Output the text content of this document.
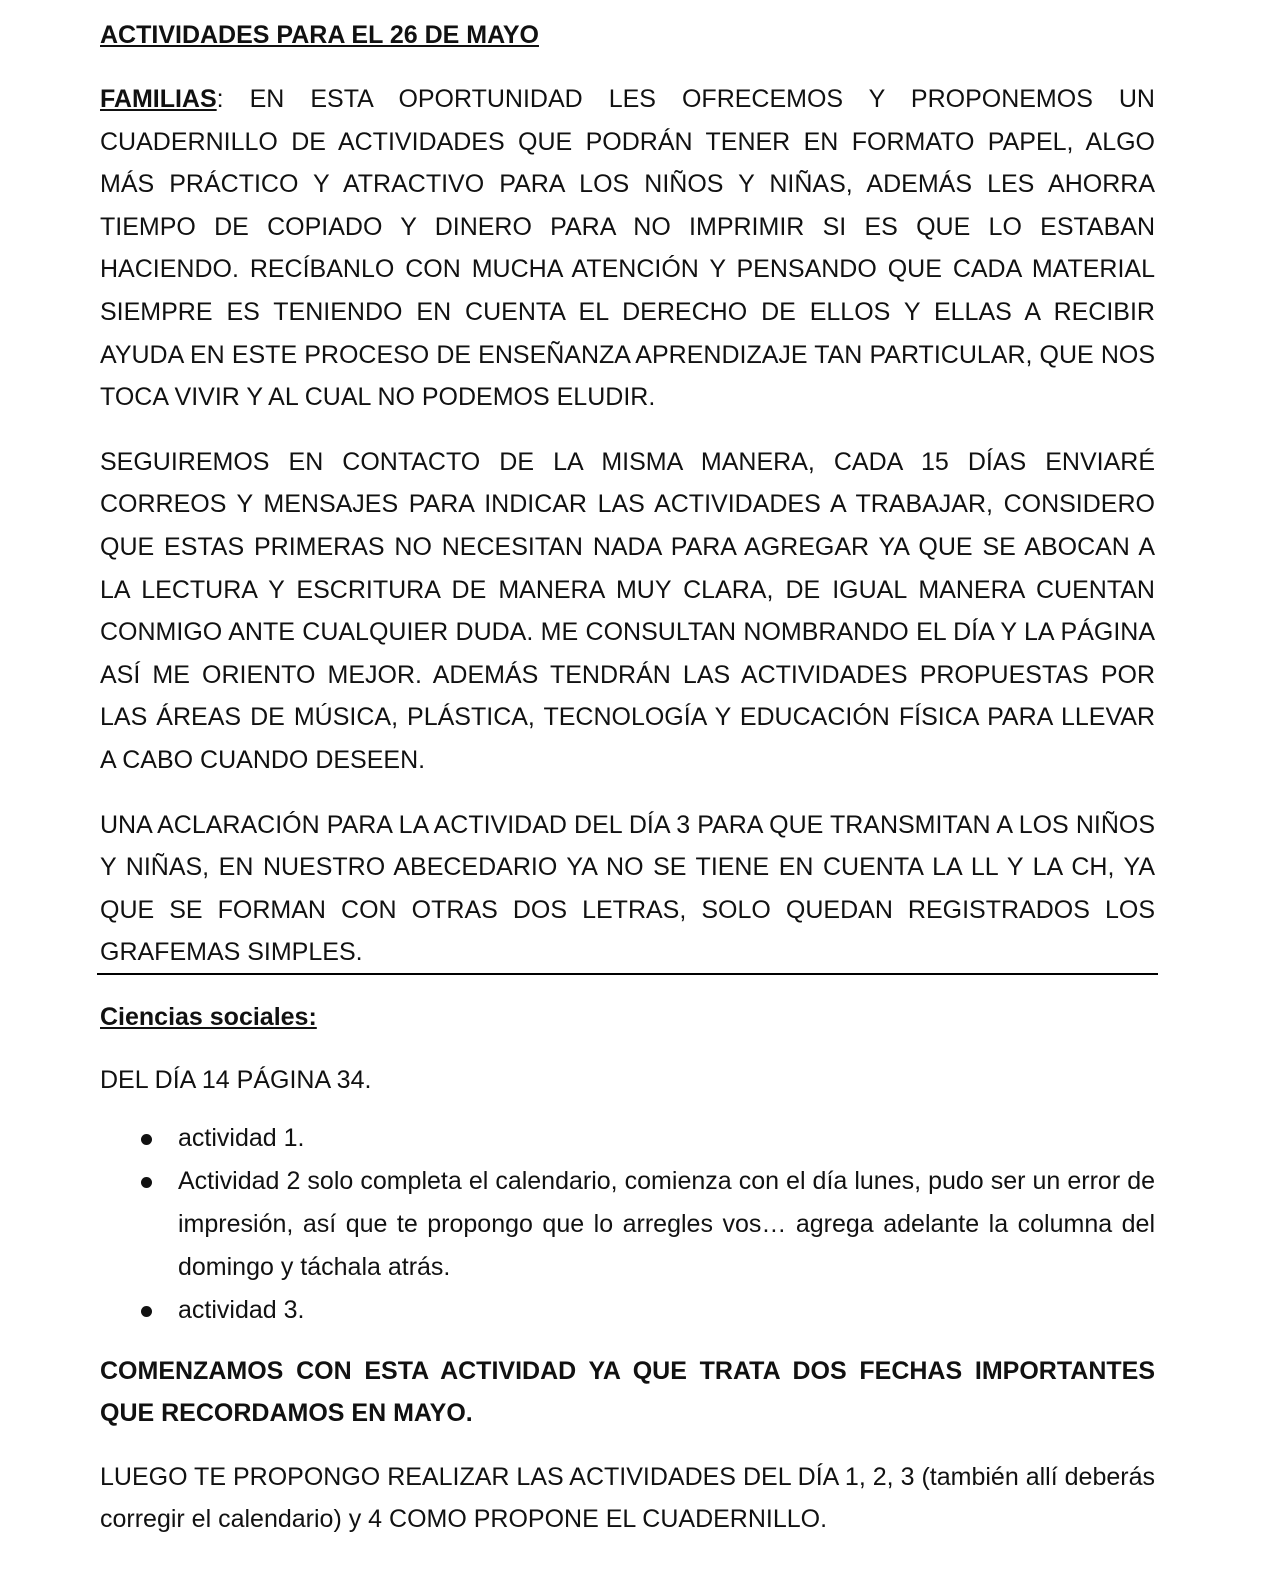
ACTIVIDADES PARA EL 26 DE MAYO

FAMILIAS: EN ESTA OPORTUNIDAD LES OFRECEMOS Y PROPONEMOS UN CUADERNILLO DE ACTIVIDADES QUE PODRÁN TENER EN FORMATO PAPEL, ALGO MÁS PRÁCTICO Y ATRACTIVO PARA LOS NIÑOS Y NIÑAS, ADEMÁS LES AHORRA TIEMPO DE COPIADO Y DINERO PARA NO IMPRIMIR SI ES QUE LO ESTABAN HACIENDO. RECÍBANLO CON MUCHA ATENCIÓN Y PENSANDO QUE CADA MATERIAL SIEMPRE ES TENIENDO EN CUENTA EL DERECHO DE ELLOS Y ELLAS A RECIBIR AYUDA EN ESTE PROCESO DE ENSEÑANZA APRENDIZAJE TAN PARTICULAR, QUE NOS TOCA VIVIR Y AL CUAL NO PODEMOS ELUDIR.

SEGUIREMOS EN CONTACTO DE LA MISMA MANERA, CADA 15 DÍAS ENVIARÉ CORREOS Y MENSAJES PARA INDICAR LAS ACTIVIDADES A TRABAJAR, CONSIDERO QUE ESTAS PRIMERAS NO NECESITAN NADA PARA AGREGAR YA QUE SE ABOCAN A LA LECTURA Y ESCRITURA DE MANERA MUY CLARA, DE IGUAL MANERA CUENTAN CONMIGO ANTE CUALQUIER DUDA. ME CONSULTAN NOMBRANDO EL DÍA Y LA PÁGINA ASÍ ME ORIENTO MEJOR. ADEMÁS TENDRÁN LAS ACTIVIDADES PROPUESTAS POR LAS ÁREAS DE MÚSICA, PLÁSTICA, TECNOLOGÍA Y EDUCACIÓN FÍSICA PARA LLEVAR A CABO CUANDO DESEEN.

UNA ACLARACIÓN PARA LA ACTIVIDAD DEL DÍA 3 PARA QUE TRANSMITAN A LOS NIÑOS Y NIÑAS, EN NUESTRO ABECEDARIO YA NO SE TIENE EN CUENTA LA LL Y LA CH, YA QUE SE FORMAN CON OTRAS DOS LETRAS, SOLO QUEDAN REGISTRADOS LOS GRAFEMAS SIMPLES.

Ciencias sociales:

DEL DÍA 14 PÁGINA 34.

actividad 1.
Actividad 2 solo completa el calendario, comienza con el día lunes, pudo ser un error de impresión, así que te propongo que lo arregles vos… agrega adelante la columna del domingo y táchala atrás.
actividad 3.

COMENZAMOS CON ESTA ACTIVIDAD YA QUE TRATA DOS FECHAS IMPORTANTES QUE RECORDAMOS EN MAYO.

LUEGO TE PROPONGO REALIZAR LAS ACTIVIDADES DEL DÍA 1, 2, 3 (también allí deberás corregir el calendario) y 4 COMO PROPONE EL CUADERNILLO.
